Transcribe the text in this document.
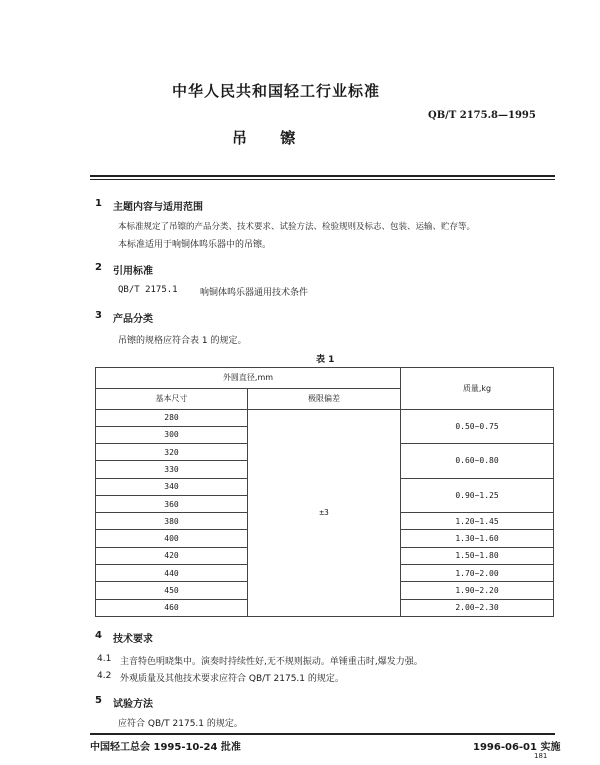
中华人民共和国轻工行业标准
QB/T 2175.8—1995
吊 镲
1 主题内容与适用范围
本标准规定了吊镲的产品分类、技术要求、试验方法、检验规则及标志、包装、运输、贮存等。
本标准适用于响铜体鸣乐器中的吊镲。
2 引用标准
QB/T 2175.1 响铜体鸣乐器通用技术条件
3 产品分类
吊镲的规格应符合表 1 的规定。
表 1
外圆直径,mm		质量,kg
基本尺寸	极限偏差	
280	±3	0.50~0.75
300		
320		0.60~0.80
330		
340		0.90~1.25
360		
380		1.20~1.45
400		1.30~1.60
420		1.50~1.80
440		1.70~2.00
450		1.90~2.20
460		2.00~2.30
4 技术要求
4.1 主音特色明晓集中。演奏时持续性好,无不规则振动。单锤重击时,爆发力强。
4.2 外观质量及其他技术要求应符合 QB/T 2175.1 的规定。
5 试验方法
应符合 QB/T 2175.1 的规定。
中国轻工总会 1995-10-24 批准	1996-06-01 实施
181
